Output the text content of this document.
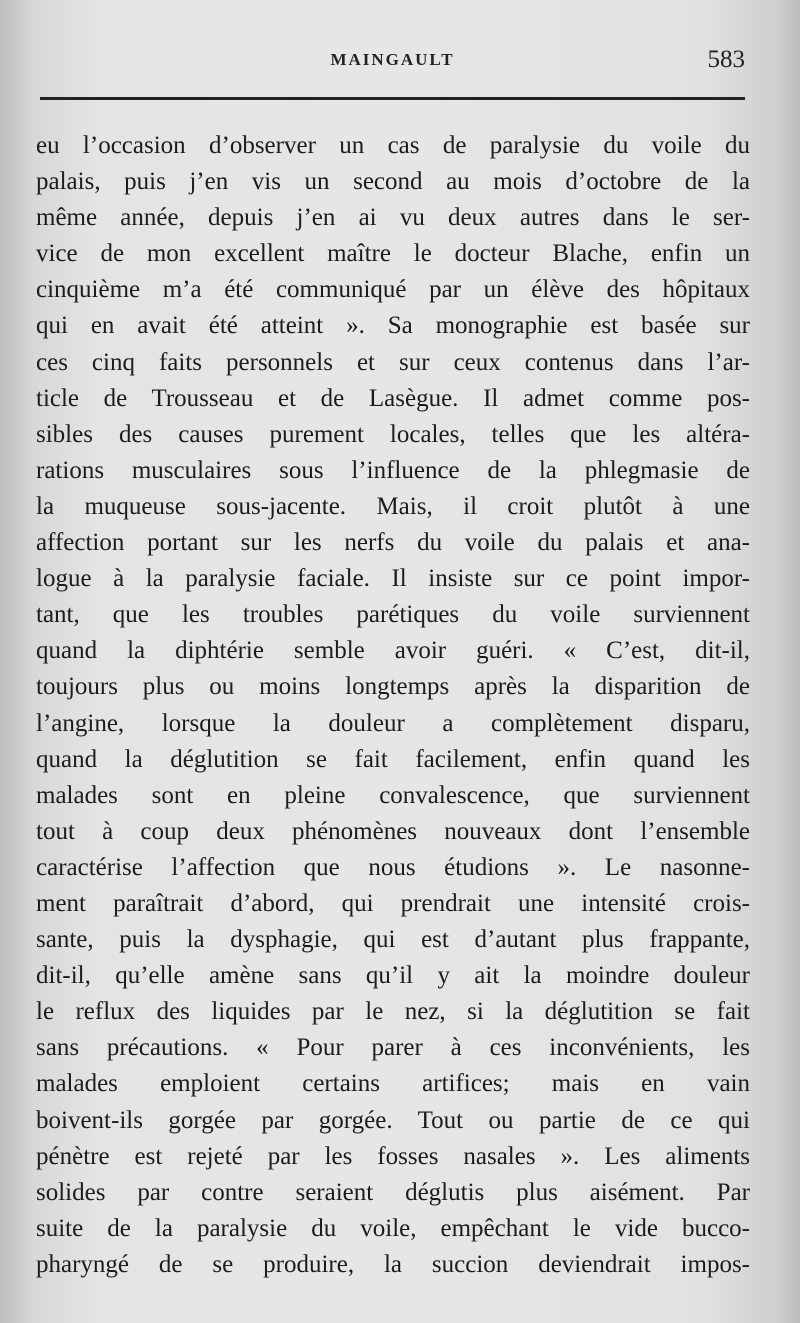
MAINGAULT	583
eu l’occasion d’observer un cas de paralysie du voile du
palais, puis j’en vis un second au mois d’octobre de la
même année, depuis j’en ai vu deux autres dans le ser-
vice de mon excellent maître le docteur Blache, enfin un
cinquième m’a été communiqué par un élève des hôpitaux
qui en avait été atteint ». Sa monographie est basée sur
ces cinq faits personnels et sur ceux contenus dans l’ar-
ticle de Trousseau et de Lasègue. Il admet comme pos-
sibles des causes purement locales, telles que les altéra-
rations musculaires sous l’influence de la phlegmasie de
la muqueuse sous-jacente. Mais, il croit plutôt à une
affection portant sur les nerfs du voile du palais et ana-
logue à la paralysie faciale. Il insiste sur ce point impor-
tant, que les troubles parétiques du voile surviennent
quand la diphtérie semble avoir guéri. « C’est, dit-il,
toujours plus ou moins longtemps après la disparition de
l’angine, lorsque la douleur a complètement disparu,
quand la déglutition se fait facilement, enfin quand les
malades sont en pleine convalescence, que surviennent
tout à coup deux phénomènes nouveaux dont l’ensemble
caractérise l’affection que nous étudions ». Le nasonne-
ment paraîtrait d’abord, qui prendrait une intensité crois-
sante, puis la dysphagie, qui est d’autant plus frappante,
dit-il, qu’elle amène sans qu’il y ait la moindre douleur
le reflux des liquides par le nez, si la déglutition se fait
sans précautions. « Pour parer à ces inconvénients, les
malades emploient certains artifices; mais en vain
boivent-ils gorgée par gorgée. Tout ou partie de ce qui
pénètre est rejeté par les fosses nasales ». Les aliments
solides par contre seraient déglutis plus aisément. Par
suite de la paralysie du voile, empêchant le vide bucco-
pharyngé de se produire, la succion deviendrait impos-
